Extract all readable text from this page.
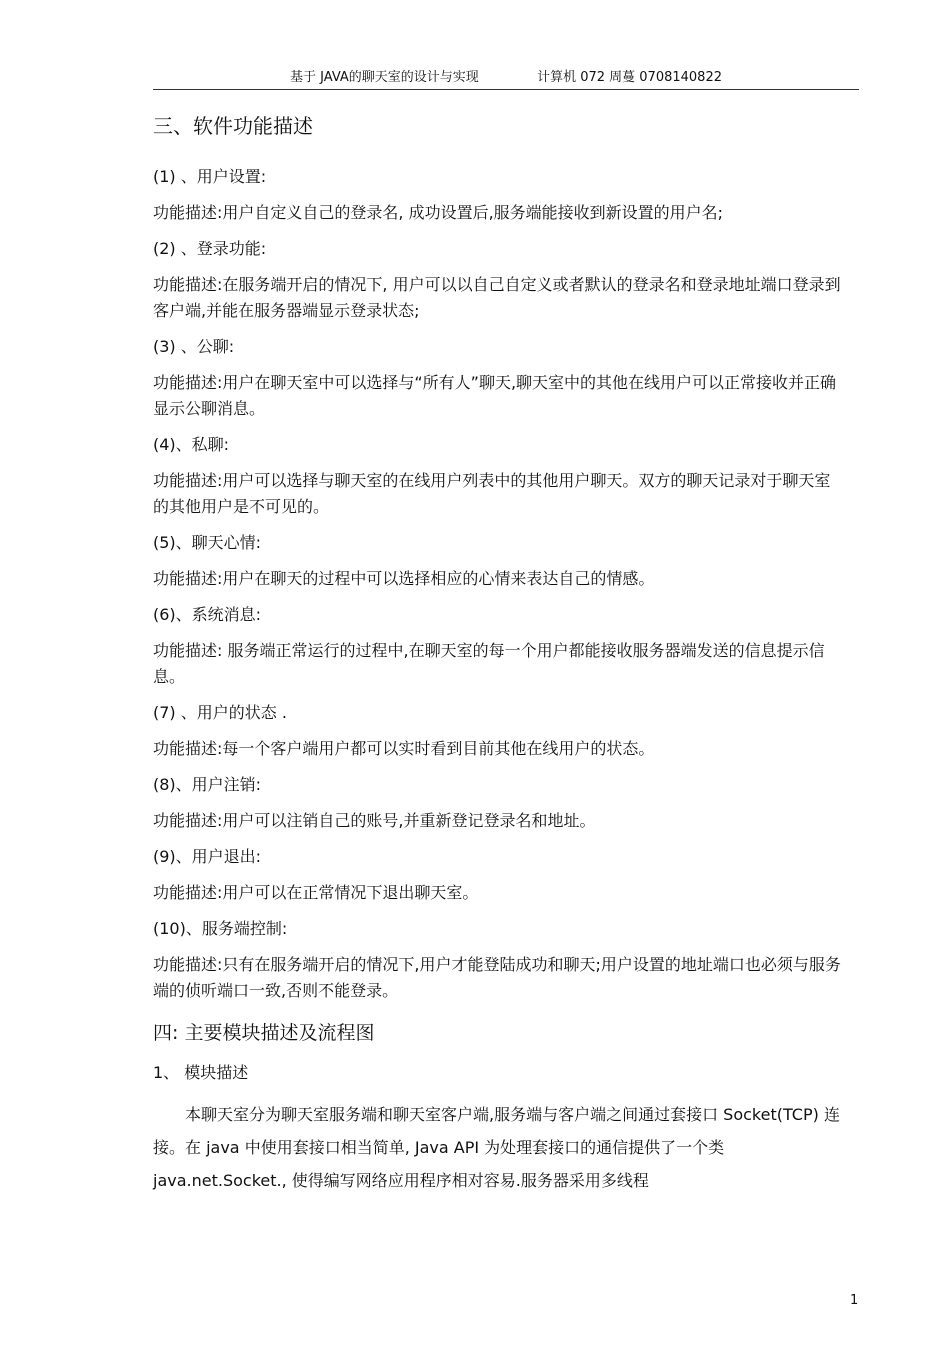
基于 JAVA的聊天室的设计与实现	计算机 072 周蔓 0708140822

三、软件功能描述

(1) 、用户设置:

功能描述:用户自定义自己的登录名, 成功设置后,服务端能接收到新设置的用户名;

(2) 、登录功能:

功能描述:在服务端开启的情况下, 用户可以以自己自定义或者默认的登录名和登录地址端口登录到客户端,并能在服务器端显示登录状态;

(3) 、公聊:

功能描述:用户在聊天室中可以选择与“所有人”聊天,聊天室中的其他在线用户可以正常接收并正确显示公聊消息。

(4)、私聊:

功能描述:用户可以选择与聊天室的在线用户列表中的其他用户聊天。双方的聊天记录对于聊天室的其他用户是不可见的。

(5)、聊天心情:

功能描述:用户在聊天的过程中可以选择相应的心情来表达自己的情感。

(6)、系统消息:

功能描述: 服务端正常运行的过程中,在聊天室的每一个用户都能接收服务器端发送的信息提示信息。

(7) 、用户的状态 .

功能描述:每一个客户端用户都可以实时看到目前其他在线用户的状态。

(8)、用户注销:

功能描述:用户可以注销自己的账号,并重新登记登录名和地址。

(9)、用户退出:

功能描述:用户可以在正常情况下退出聊天室。

(10)、服务端控制:

功能描述:只有在服务端开启的情况下,用户才能登陆成功和聊天;用户设置的地址端口也必须与服务端的侦听端口一致,否则不能登录。

四: 主要模块描述及流程图

1、 模块描述

本聊天室分为聊天室服务端和聊天室客户端,服务端与客户端之间通过套接口 Socket(TCP) 连接。在 java 中使用套接口相当简单, Java API 为处理套接口的通信提供了一个类 java.net.Socket., 使得编写网络应用程序相对容易.服务器采用多线程

1
